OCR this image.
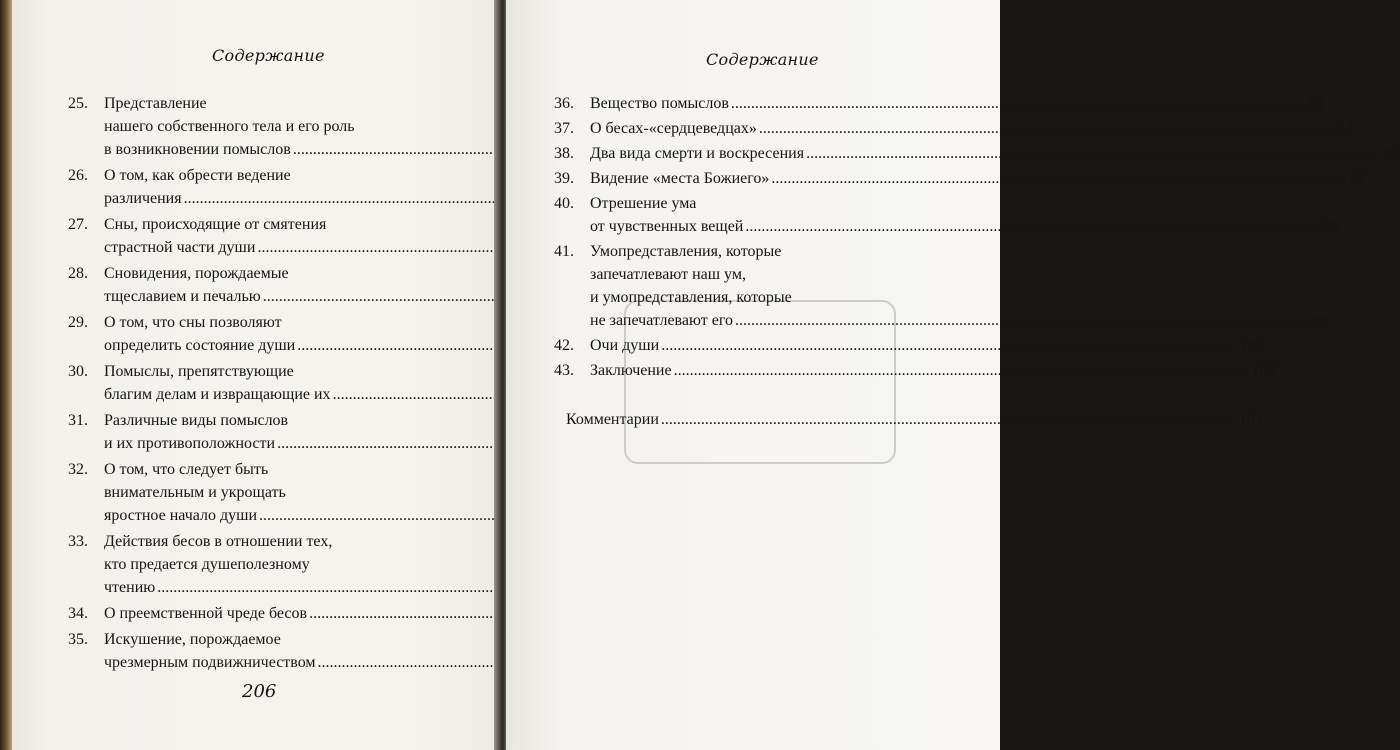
Содержание
25.	Представление
нашего собственного тела и его роль
в возникновении помыслов
.....
26.	О том, как обрести ведение
различения
.....
27.	Сны, происходящие от смятения
страстной части души
.....
28.	Сновидения, порождаемые
тщеславием и печалью
.....
29.	О том, что сны позволяют
определить состояние души
.....
30.	Помыслы, препятствующие
благим делам и извращающие их
.....
31.	Различные виды помыслов
и их противоположности
.....
32.	О том, что следует быть
внимательным и укрощать
яростное начало души
.....
33.	Действия бесов в отношении тех,
кто предается душеполезному
чтению
.....
34.	О преемственной чреде бесов
.....
35.	Искушение, порождаемое
чрезмерным подвижничеством
.....
206
Содержание
36.	Вещество помыслов .....	91
37.	О бесах-«сердцеведцах» .....	93
38.	Два вида смерти и воскресения .....	96
39.	Видение «места Божиего» .....	97
40.	Отрешение ума
от чувственных вещей .....	98
41.	Умопредставления, которые
запечатлевают наш ум,
и умопредставления, которые
не запечатлевают его .....	99
42.	Очи души .....	102
43.	Заключение .....	103
Комментарии .....	104
